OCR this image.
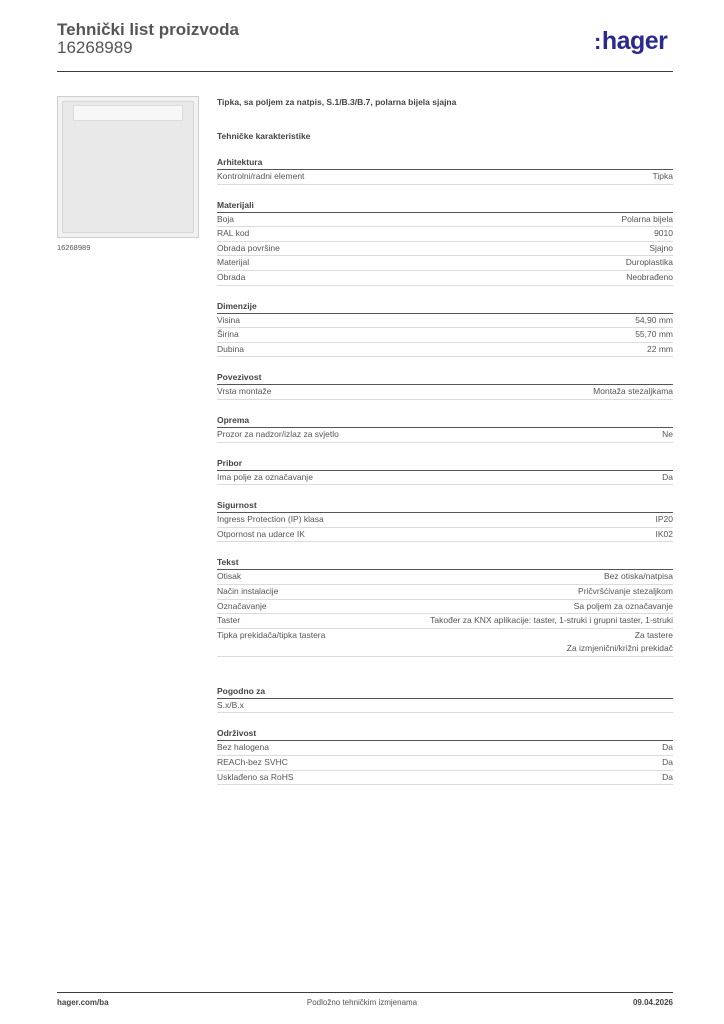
Tehnički list proizvoda
16268989	:hager
16268989
Tipka, sa poljem za natpis, S.1/B.3/B.7, polarna bijela sjajna
Tehničke karakteristike
Arhitektura
Kontrolni/radni element	Tipka
Materijali
Boja	Polarna bijela
RAL kod	9010
Obrada površine	Sjajno
Materijal	Duroplastika
Obrada	Neobrađeno
Dimenzije
Visina	54,90 mm
Širina	55,70 mm
Dubina	22 mm
Povezivost
Vrsta montaže	Montaža stezaljkama
Oprema
Prozor za nadzor/izlaz za svjetlo	Ne
Pribor
Ima polje za označavanje	Da
Sigurnost
Ingress Protection (IP) klasa	IP20
Otpornost na udarce IK	IK02
Tekst
Otisak	Bez otiska/natpisa
Način instalacije	Pričvršćivanje stezaljkom
Označavanje	Sa poljem za označavanje
Taster	Također za KNX aplikacije: taster, 1-struki i grupni taster, 1-struki
Tipka prekidača/tipka tastera	Za tastere
Za izmjenični/križni prekidač
Pogodno za
S.x/B.x
Održivost
Bez halogena	Da
REACh-bez SVHC	Da
Usklađeno sa RoHS	Da
hager.com/ba	Podložno tehničkim izmjenama	09.04.2026
